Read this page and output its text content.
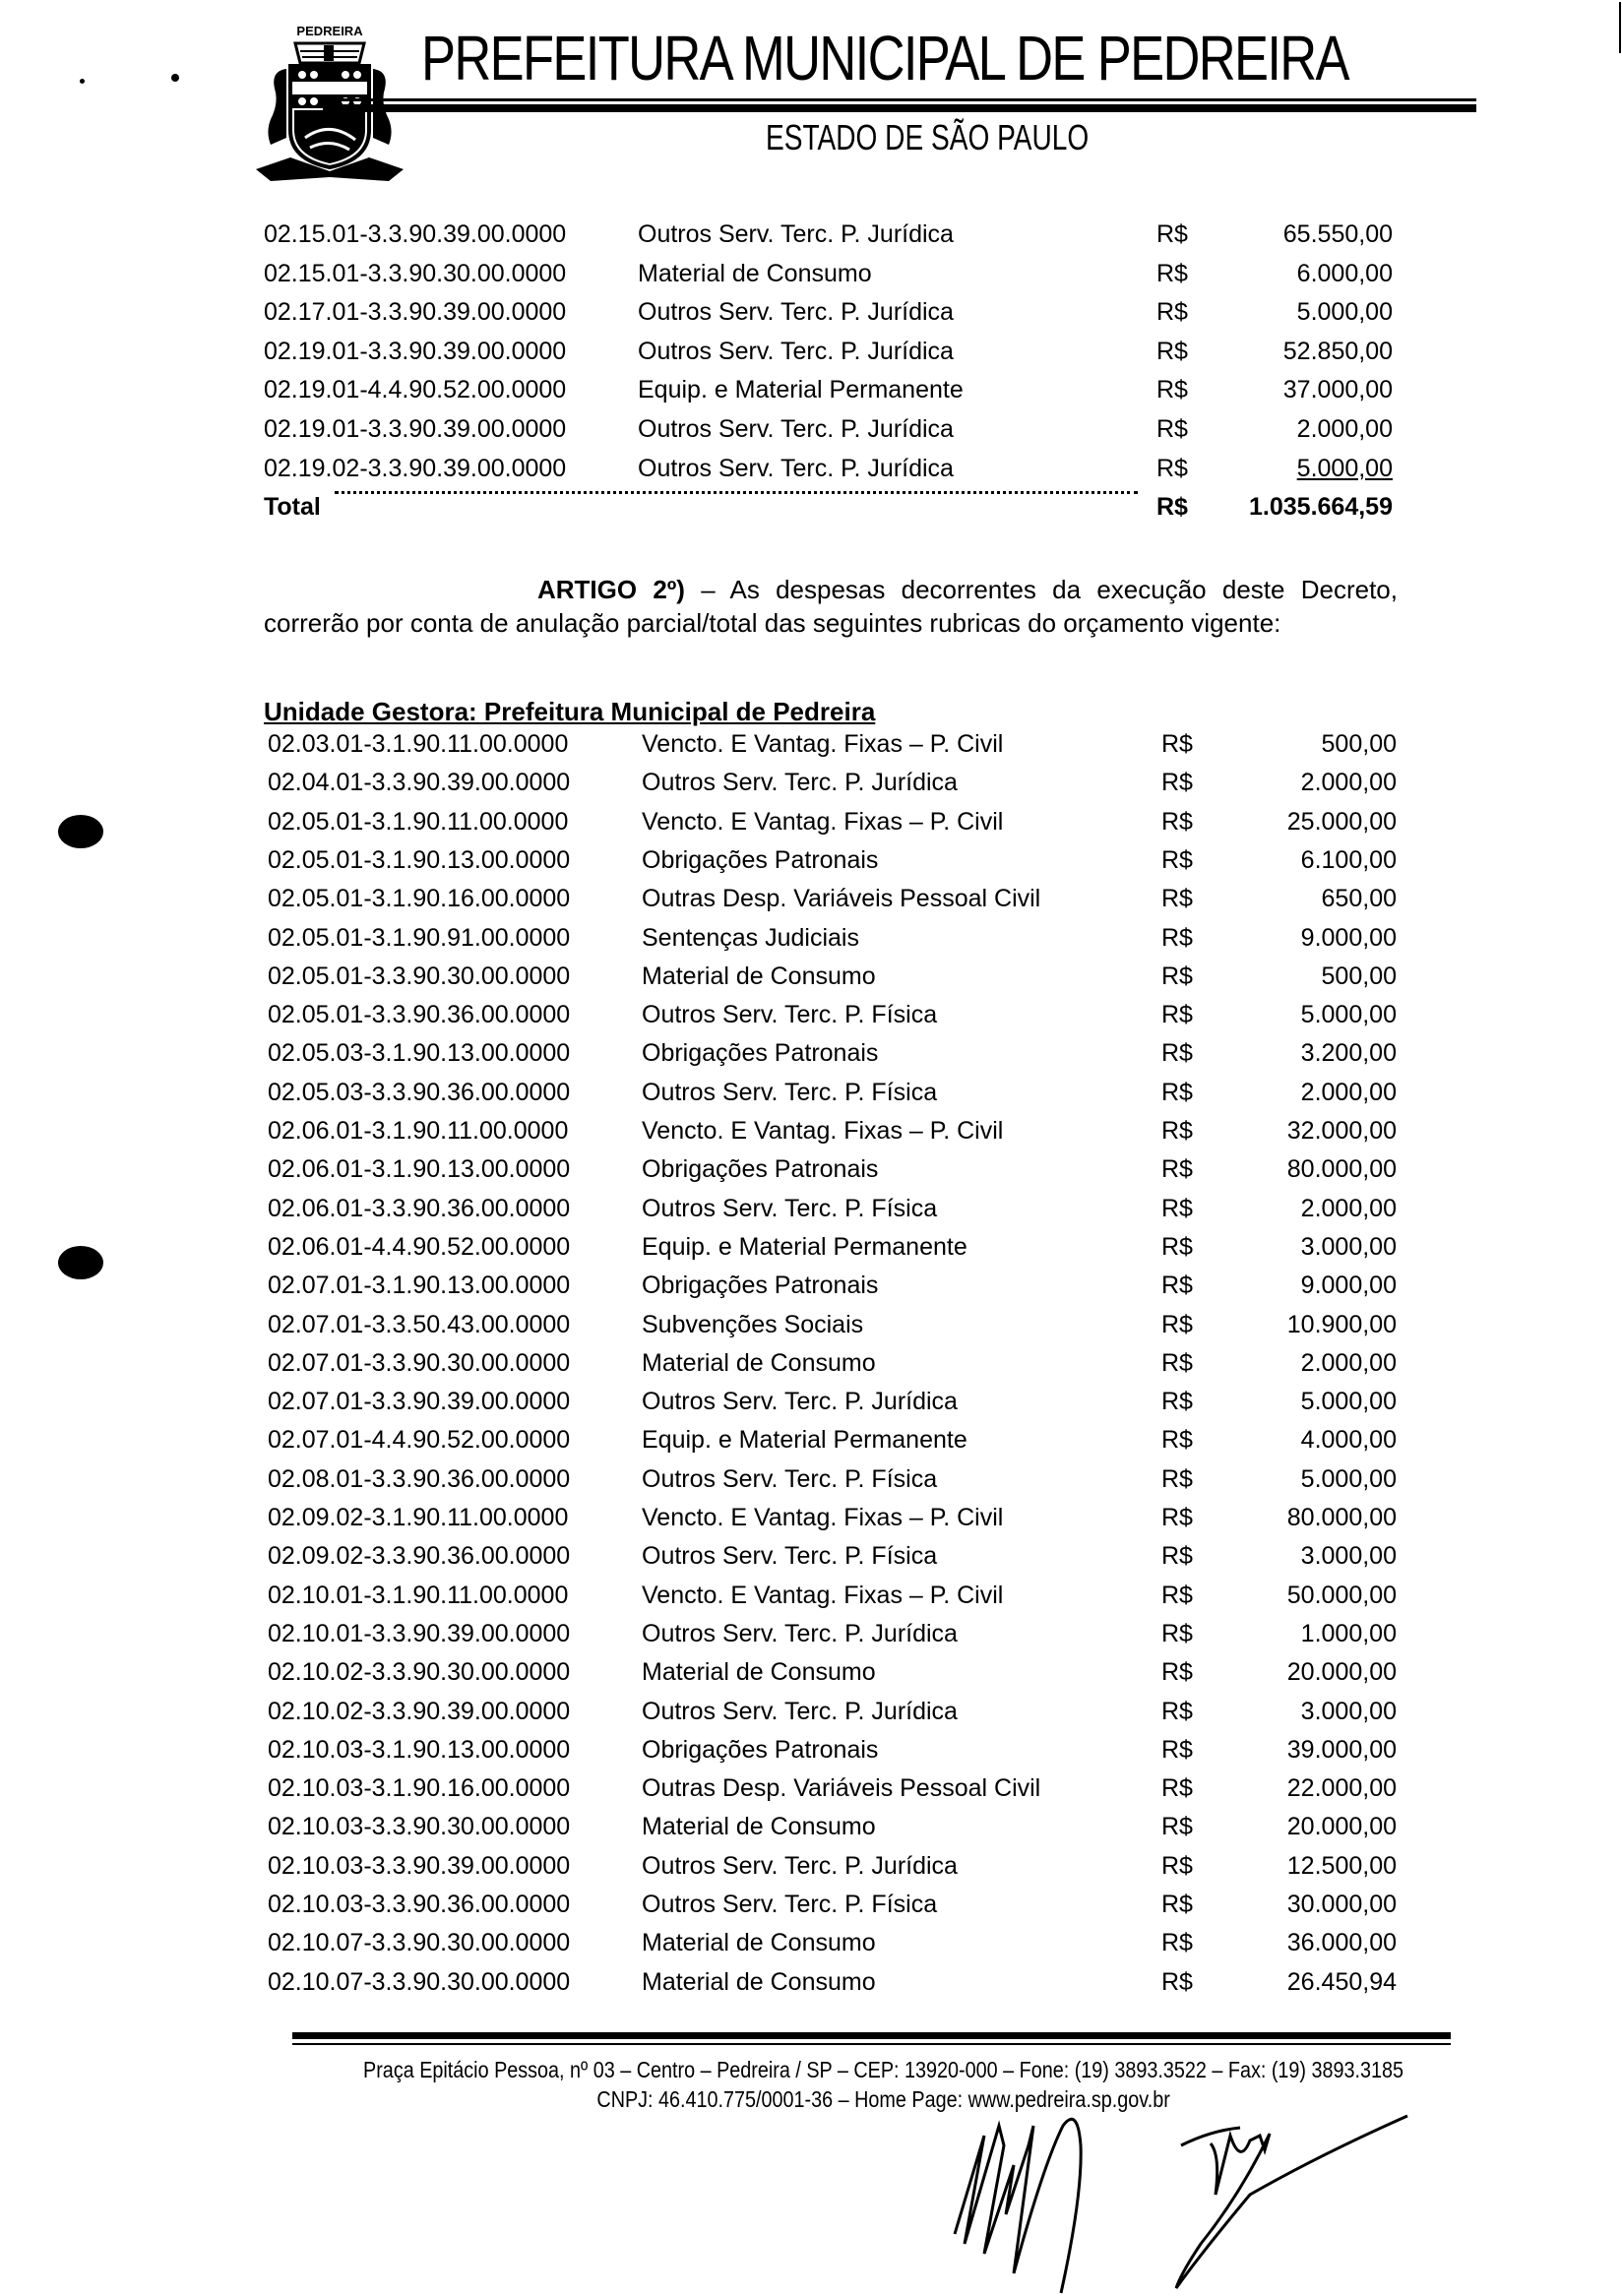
PEDREIRA PREFEITURA MUNICIPAL DE PEDREIRA
ESTADO DE SÃO PAULO
02.15.01-3.3.90.39.00.0000	Outros Serv. Terc. P. Jurídica	R$	65.550,00
02.15.01-3.3.90.30.00.0000	Material de Consumo	R$	6.000,00
02.17.01-3.3.90.39.00.0000	Outros Serv. Terc. P. Jurídica	R$	5.000,00
02.19.01-3.3.90.39.00.0000	Outros Serv. Terc. P. Jurídica	R$	52.850,00
02.19.01-4.4.90.52.00.0000	Equip. e Material Permanente	R$	37.000,00
02.19.01-3.3.90.39.00.0000	Outros Serv. Terc. P. Jurídica	R$	2.000,00
02.19.02-3.3.90.39.00.0000	Outros Serv. Terc. P. Jurídica	R$	5.000,00
Total	R$ 1.035.664,59
ARTIGO 2º) – As despesas decorrentes da execução deste Decreto,
correrão por conta de anulação parcial/total das seguintes rubricas do orçamento vigente:
Unidade Gestora: Prefeitura Municipal de Pedreira
02.03.01-3.1.90.11.00.0000	Vencto. E Vantag. Fixas – P. Civil	R$	500,00
02.04.01-3.3.90.39.00.0000	Outros Serv. Terc. P. Jurídica	R$	2.000,00
02.05.01-3.1.90.11.00.0000	Vencto. E Vantag. Fixas – P. Civil	R$	25.000,00
02.05.01-3.1.90.13.00.0000	Obrigações Patronais	R$	6.100,00
02.05.01-3.1.90.16.00.0000	Outras Desp. Variáveis Pessoal Civil	R$	650,00
02.05.01-3.1.90.91.00.0000	Sentenças Judiciais	R$	9.000,00
02.05.01-3.3.90.30.00.0000	Material de Consumo	R$	500,00
02.05.01-3.3.90.36.00.0000	Outros Serv. Terc. P. Física	R$	5.000,00
02.05.03-3.1.90.13.00.0000	Obrigações Patronais	R$	3.200,00
02.05.03-3.3.90.36.00.0000	Outros Serv. Terc. P. Física	R$	2.000,00
02.06.01-3.1.90.11.00.0000	Vencto. E Vantag. Fixas – P. Civil	R$	32.000,00
02.06.01-3.1.90.13.00.0000	Obrigações Patronais	R$	80.000,00
02.06.01-3.3.90.36.00.0000	Outros Serv. Terc. P. Física	R$	2.000,00
02.06.01-4.4.90.52.00.0000	Equip. e Material Permanente	R$	3.000,00
02.07.01-3.1.90.13.00.0000	Obrigações Patronais	R$	9.000,00
02.07.01-3.3.50.43.00.0000	Subvenções Sociais	R$	10.900,00
02.07.01-3.3.90.30.00.0000	Material de Consumo	R$	2.000,00
02.07.01-3.3.90.39.00.0000	Outros Serv. Terc. P. Jurídica	R$	5.000,00
02.07.01-4.4.90.52.00.0000	Equip. e Material Permanente	R$	4.000,00
02.08.01-3.3.90.36.00.0000	Outros Serv. Terc. P. Física	R$	5.000,00
02.09.02-3.1.90.11.00.0000	Vencto. E Vantag. Fixas – P. Civil	R$	80.000,00
02.09.02-3.3.90.36.00.0000	Outros Serv. Terc. P. Física	R$	3.000,00
02.10.01-3.1.90.11.00.0000	Vencto. E Vantag. Fixas – P. Civil	R$	50.000,00
02.10.01-3.3.90.39.00.0000	Outros Serv. Terc. P. Jurídica	R$	1.000,00
02.10.02-3.3.90.30.00.0000	Material de Consumo	R$	20.000,00
02.10.02-3.3.90.39.00.0000	Outros Serv. Terc. P. Jurídica	R$	3.000,00
02.10.03-3.1.90.13.00.0000	Obrigações Patronais	R$	39.000,00
02.10.03-3.1.90.16.00.0000	Outras Desp. Variáveis Pessoal Civil	R$	22.000,00
02.10.03-3.3.90.30.00.0000	Material de Consumo	R$	20.000,00
02.10.03-3.3.90.39.00.0000	Outros Serv. Terc. P. Jurídica	R$	12.500,00
02.10.03-3.3.90.36.00.0000	Outros Serv. Terc. P. Física	R$	30.000,00
02.10.07-3.3.90.30.00.0000	Material de Consumo	R$	36.000,00
02.10.07-3.3.90.30.00.0000	Material de Consumo	R$	26.450,94
Praça Epitácio Pessoa, nº 03 – Centro – Pedreira / SP – CEP: 13920-000 – Fone: (19) 3893.3522 – Fax: (19) 3893.3185
CNPJ: 46.410.775/0001-36 – Home Page: www.pedreira.sp.gov.br
